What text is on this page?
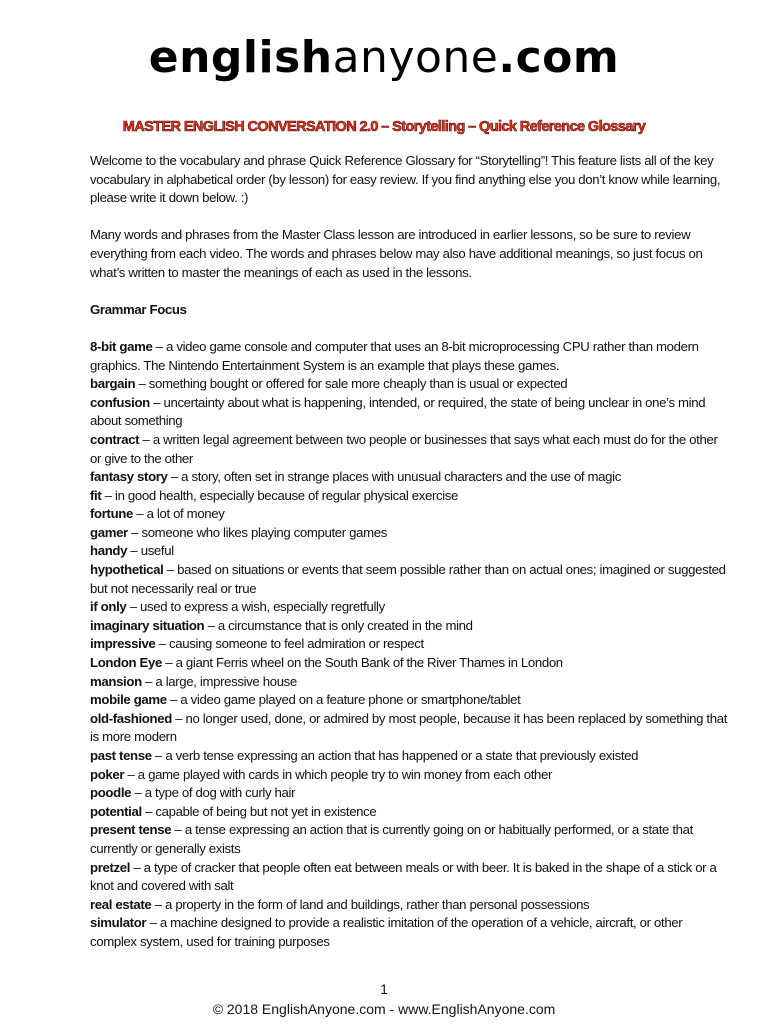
englishanyone.com
MASTER ENGLISH CONVERSATION 2.0 – Storytelling – Quick Reference Glossary

Welcome to the vocabulary and phrase Quick Reference Glossary for “Storytelling”! This feature lists all of the key vocabulary in alphabetical order (by lesson) for easy review. If you find anything else you don’t know while learning, please write it down below. :)

Many words and phrases from the Master Class lesson are introduced in earlier lessons, so be sure to review everything from each video. The words and phrases below may also have additional meanings, so just focus on what’s written to master the meanings of each as used in the lessons.

Grammar Focus

8-bit game – a video game console and computer that uses an 8-bit microprocessing CPU rather than modern graphics. The Nintendo Entertainment System is an example that plays these games.

bargain – something bought or offered for sale more cheaply than is usual or expected

confusion – uncertainty about what is happening, intended, or required, the state of being unclear in one’s mind about something

contract – a written legal agreement between two people or businesses that says what each must do for the other or give to the other

fantasy story – a story, often set in strange places with unusual characters and the use of magic

fit – in good health, especially because of regular physical exercise

fortune – a lot of money

gamer – someone who likes playing computer games

handy – useful

hypothetical – based on situations or events that seem possible rather than on actual ones; imagined or suggested but not necessarily real or true

if only – used to express a wish, especially regretfully

imaginary situation – a circumstance that is only created in the mind

impressive – causing someone to feel admiration or respect

London Eye – a giant Ferris wheel on the South Bank of the River Thames in London

mansion – a large, impressive house

mobile game – a video game played on a feature phone or smartphone/tablet

old-fashioned – no longer used, done, or admired by most people, because it has been replaced by something that is more modern

past tense – a verb tense expressing an action that has happened or a state that previously existed

poker – a game played with cards in which people try to win money from each other

poodle – a type of dog with curly hair

potential – capable of being but not yet in existence

present tense – a tense expressing an action that is currently going on or habitually performed, or a state that currently or generally exists

pretzel – a type of cracker that people often eat between meals or with beer. It is baked in the shape of a stick or a knot and covered with salt

real estate – a property in the form of land and buildings, rather than personal possessions

simulator – a machine designed to provide a realistic imitation of the operation of a vehicle, aircraft, or other complex system, used for training purposes

1
© 2018 EnglishAnyone.com - www.EnglishAnyone.com
